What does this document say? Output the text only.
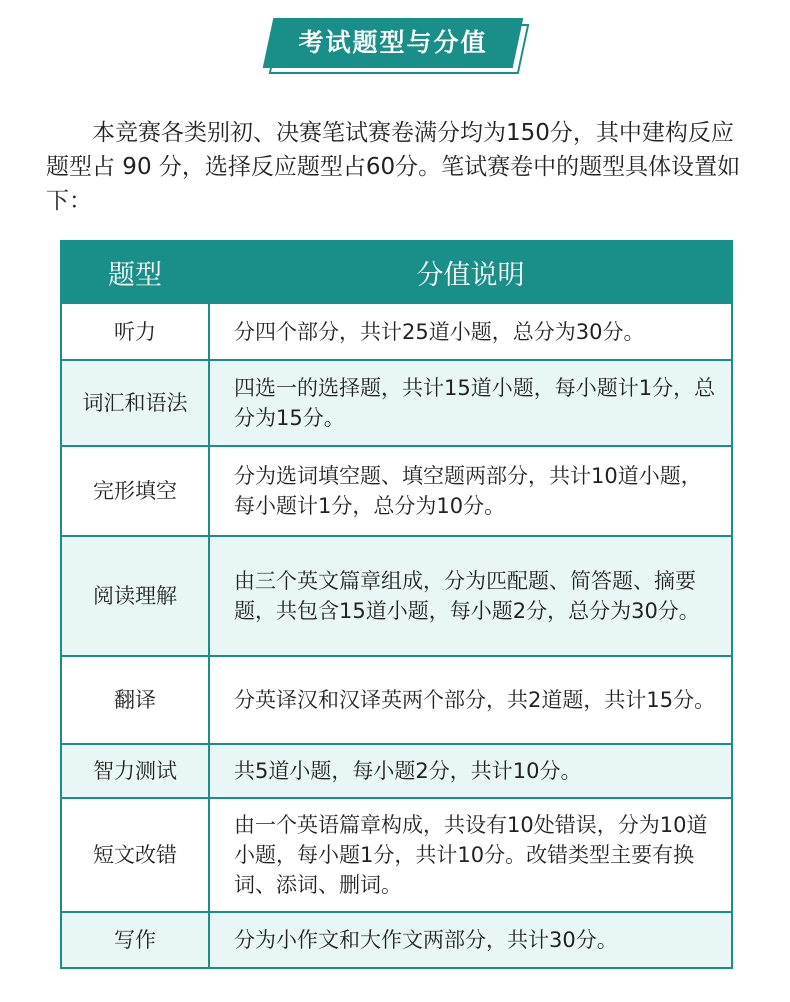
考试题型与分值

本竞赛各类别初、决赛笔试赛卷满分均为150分，其中建构反应题型占 90 分，选择反应题型占60分。笔试赛卷中的题型具体设置如下：

题型	分值说明
听力	分四个部分，共计25道小题，总分为30分。
词汇和语法	四选一的选择题，共计15道小题，每小题计1分，总分为15分。
完形填空	分为选词填空题、填空题两部分，共计10道小题，每小题计1分，总分为10分。
阅读理解	由三个英文篇章组成，分为匹配题、简答题、摘要题，共包含15道小题，每小题2分，总分为30分。
翻译	分英译汉和汉译英两个部分，共2道题，共计15分。
智力测试	共5道小题，每小题2分，共计10分。
短文改错	由一个英语篇章构成，共设有10处错误，分为10道小题，每小题1分，共计10分。改错类型主要有换词、添词、删词。
写作	分为小作文和大作文两部分，共计30分。
